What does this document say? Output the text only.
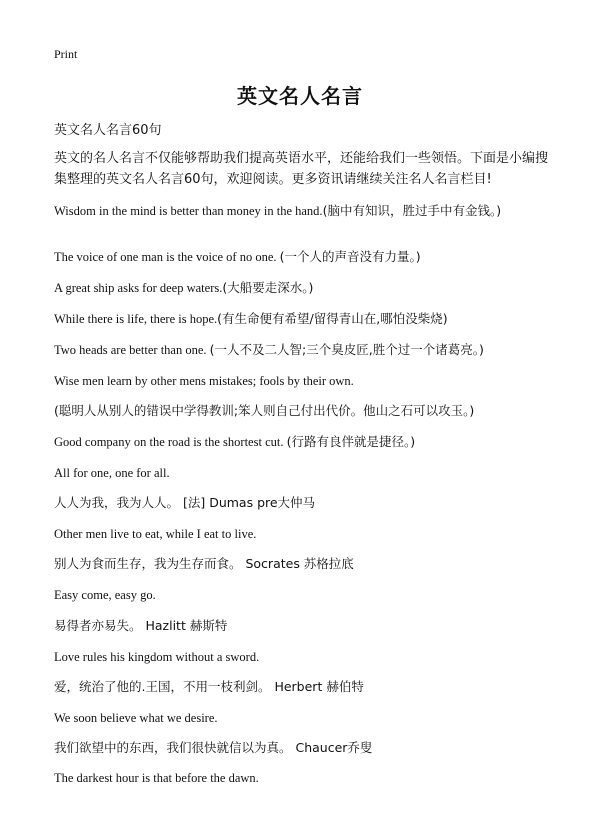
Print
英文名人名言
英文名人名言60句
英文的名人名言不仅能够帮助我们提高英语水平，还能给我们一些领悟。下面是小编搜集整理的英文名人名言60句，欢迎阅读。更多资讯请继续关注名人名言栏目!
Wisdom in the mind is better than money in the hand.(脑中有知识，胜过手中有金钱。)
The voice of one man is the voice of no one. (一个人的声音没有力量。)
A great ship asks for deep waters.(大船要走深水。)
While there is life, there is hope.(有生命便有希望/留得青山在,哪怕没柴烧)
Two heads are better than one. (一人不及二人智;三个臭皮匠,胜个过一个诸葛亮。)
Wise men learn by other mens mistakes; fools by their own.
(聪明人从别人的错误中学得教训;笨人则自己付出代价。他山之石可以攻玉。)
Good company on the road is the shortest cut. (行路有良伴就是捷径。)
All for one, one for all.
人人为我，我为人人。 [法] Dumas pre大仲马
Other men live to eat, while I eat to live.
别人为食而生存，我为生存而食。 Socrates 苏格拉底
Easy come, easy go.
易得者亦易失。 Hazlitt 赫斯特
Love rules his kingdom without a sword.
爱，统治了他的.王国，不用一枝利剑。 Herbert 赫伯特
We soon believe what we desire.
我们欲望中的东西，我们很快就信以为真。 Chaucer乔叟
The darkest hour is that before the dawn.
